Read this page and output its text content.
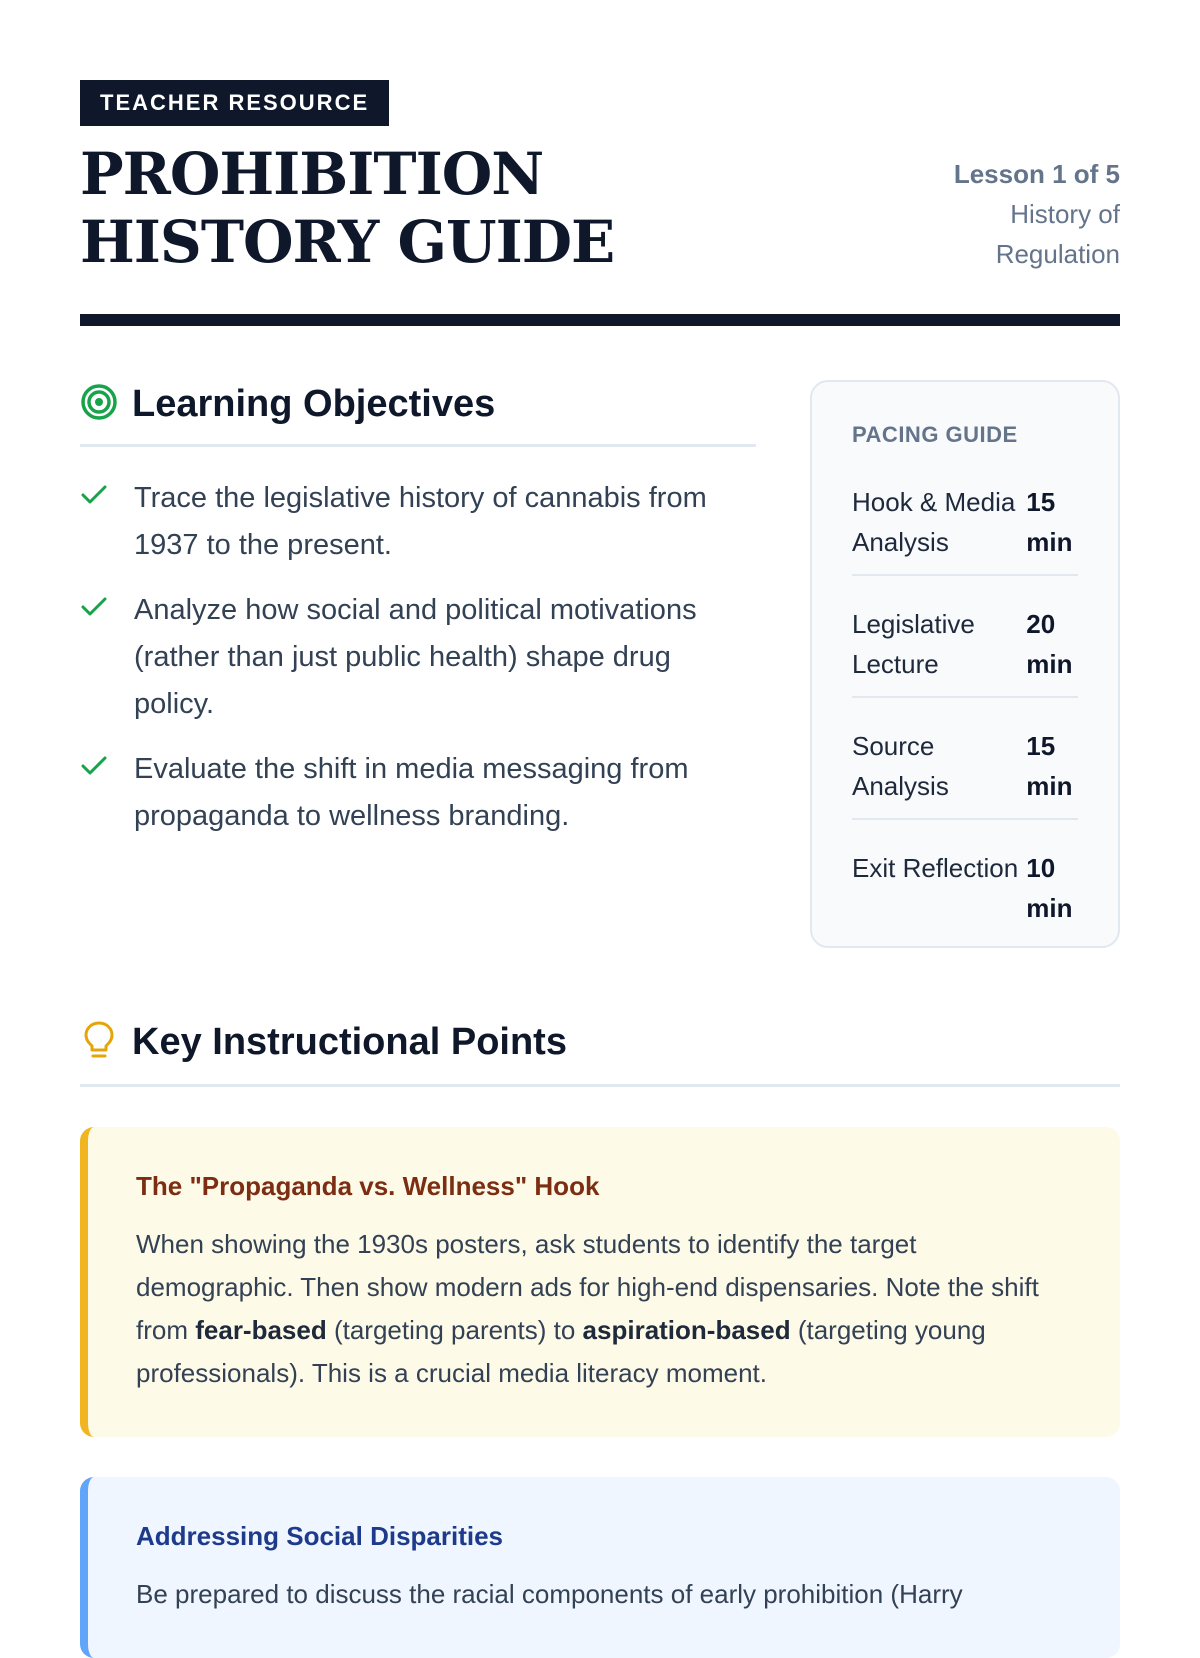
TEACHER RESOURCE
PROHIBITION HISTORY GUIDE
Lesson 1 of 5
History of Regulation
Learning Objectives
Trace the legislative history of cannabis from 1937 to the present.
Analyze how social and political motivations (rather than just public health) shape drug policy.
Evaluate the shift in media messaging from propaganda to wellness branding.
PACING GUIDE
Hook & Media Analysis
15 min
Legislative Lecture
20 min
Source Analysis
15 min
Exit Reflection 10 min
Key Instructional Points
The "Propaganda vs. Wellness" Hook
When showing the 1930s posters, ask students to identify the target demographic. Then show modern ads for high-end dispensaries. Note the shift from fear-based (targeting parents) to aspiration-based (targeting young professionals). This is a crucial media literacy moment.
Addressing Social Disparities
Be prepared to discuss the racial components of early prohibition (Harry
